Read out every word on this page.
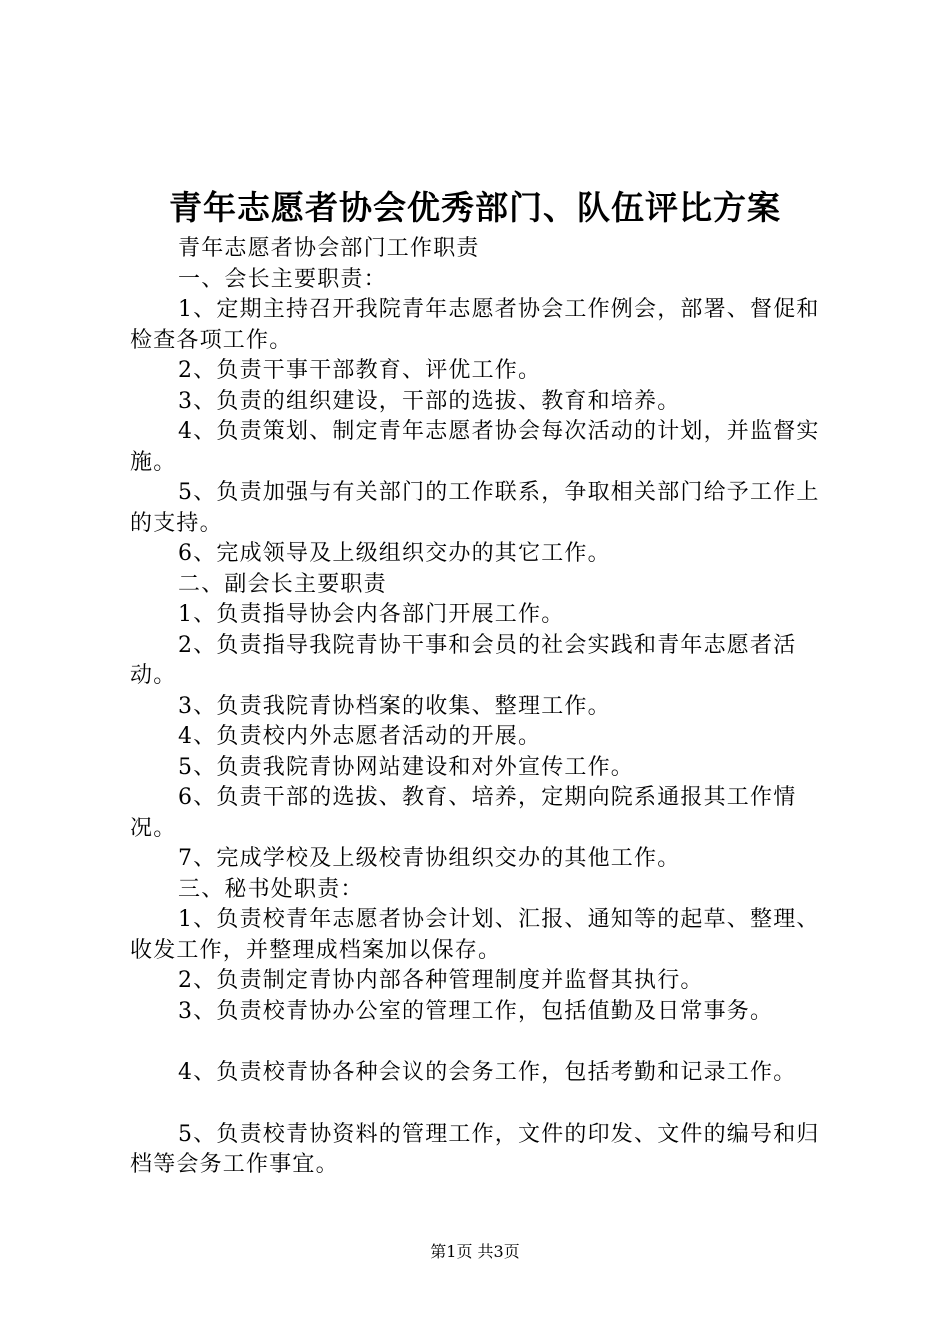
青年志愿者协会优秀部门、队伍评比方案

青年志愿者协会部门工作职责

一、会长主要职责：

1、定期主持召开我院青年志愿者协会工作例会，部署、督促和检查各项工作。

2、负责干事干部教育、评优工作。

3、负责的组织建设，干部的选拔、教育和培养。

4、负责策划、制定青年志愿者协会每次活动的计划，并监督实施。

5、负责加强与有关部门的工作联系，争取相关部门给予工作上的支持。

6、完成领导及上级组织交办的其它工作。

二、副会长主要职责

1、负责指导协会内各部门开展工作。

2、负责指导我院青协干事和会员的社会实践和青年志愿者活动。

3、负责我院青协档案的收集、整理工作。

4、负责校内外志愿者活动的开展。

5、负责我院青协网站建设和对外宣传工作。

6、负责干部的选拔、教育、培养，定期向院系通报其工作情况。

7、完成学校及上级校青协组织交办的其他工作。

三、秘书处职责：

1、负责校青年志愿者协会计划、汇报、通知等的起草、整理、收发工作，并整理成档案加以保存。

2、负责制定青协内部各种管理制度并监督其执行。

3、负责校青协办公室的管理工作，包括值勤及日常事务。

4、负责校青协各种会议的会务工作，包括考勤和记录工作。

5、负责校青协资料的管理工作，文件的印发、文件的编号和归档等会务工作事宜。

第1页 共3页
